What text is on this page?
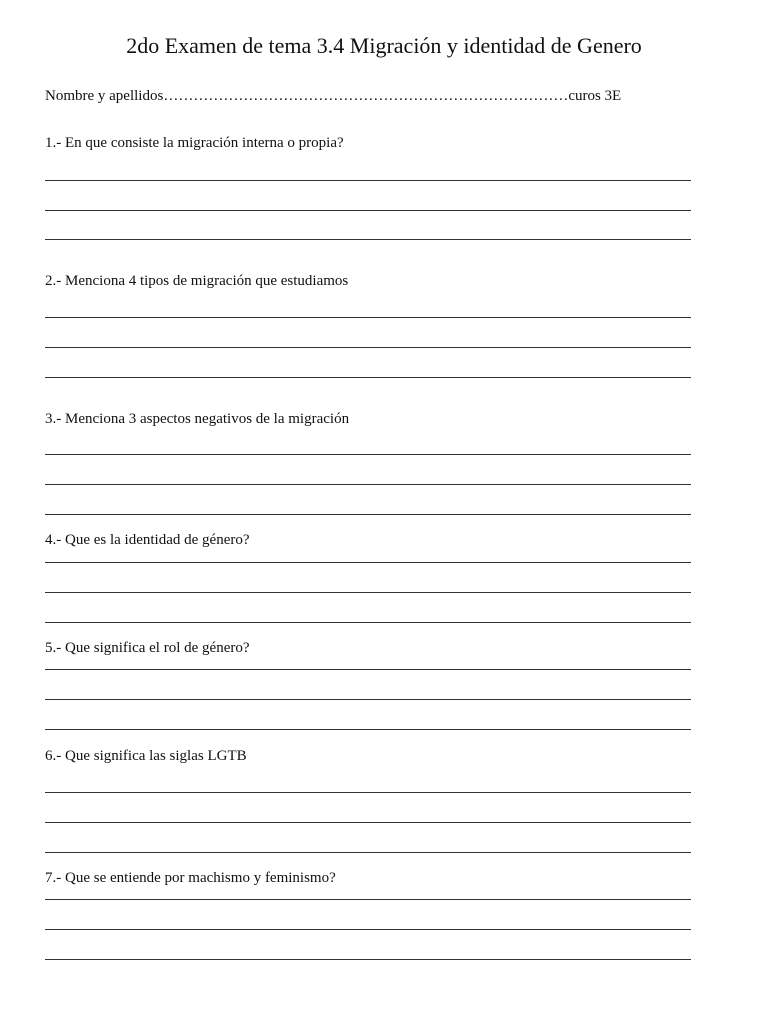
2do Examen de tema 3.4 Migración y identidad de Genero
Nombre y apellidos………………………………………………………………………curos 3E
1.- En que consiste la migración interna o propia?
2.- Menciona 4 tipos de migración que estudiamos
3.- Menciona 3 aspectos negativos de la migración
4.- Que es la identidad de género?
5.- Que significa el rol de género?
6.- Que significa las siglas LGTB
7.- Que se entiende por machismo y feminismo?
